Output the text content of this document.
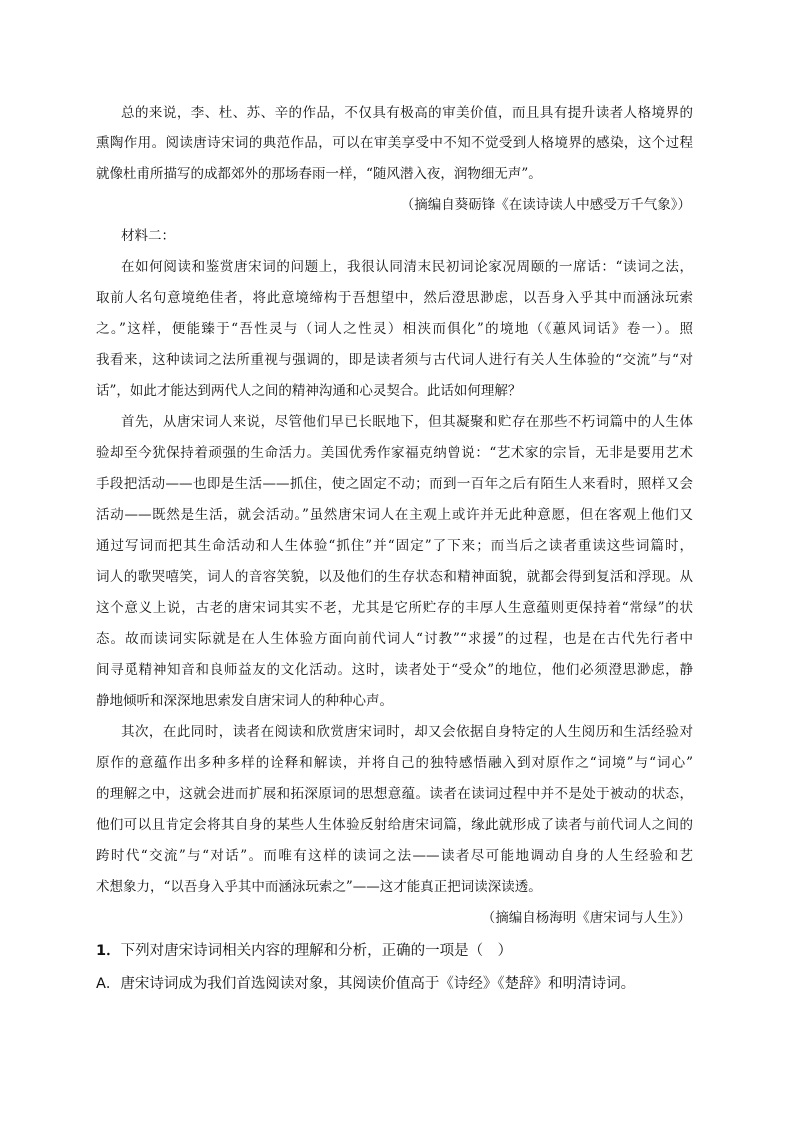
总的来说，李、杜、苏、辛的作品，不仅具有极高的审美价值，而且具有提升读者人格境界的
熏陶作用。阅读唐诗宋词的典范作品，可以在审美享受中不知不觉受到人格境界的感染，这个过程
就像杜甫所描写的成都郊外的那场春雨一样，“随风潜入夜，润物细无声”。
（摘编自葵砺锋《在读诗读人中感受万千气象》）
材料二：
在如何阅读和鉴赏唐宋词的问题上，我很认同清末民初词论家况周颐的一席话：“读词之法，
取前人名句意境绝佳者，将此意境缔构于吾想望中，然后澄思渺虑，以吾身入乎其中而涵泳玩索
之。”这样，便能臻于“吾性灵与（词人之性灵）相浃而俱化”的境地（《蕙风词话》卷一）。照
我看来，这种读词之法所重视与强调的，即是读者须与古代词人进行有关人生体验的“交流”与“对
话”，如此才能达到两代人之间的精神沟通和心灵契合。此话如何理解？
首先，从唐宋词人来说，尽管他们早已长眠地下，但其凝聚和贮存在那些不朽词篇中的人生体
验却至今犹保持着顽强的生命活力。美国优秀作家福克纳曾说：“艺术家的宗旨，无非是要用艺术
手段把活动——也即是生活——抓住，使之固定不动；而到一百年之后有陌生人来看时，照样又会
活动——既然是生活，就会活动。”虽然唐宋词人在主观上或许并无此种意愿，但在客观上他们又
通过写词而把其生命活动和人生体验“抓住”并“固定”了下来；而当后之读者重读这些词篇时，
词人的歌哭嘻笑，词人的音容笑貌，以及他们的生存状态和精神面貌，就都会得到复活和浮现。从
这个意义上说，古老的唐宋词其实不老，尤其是它所贮存的丰厚人生意蕴则更保持着“常绿”的状
态。故而读词实际就是在人生体验方面向前代词人“讨教”“求援”的过程，也是在古代先行者中
间寻觅精神知音和良师益友的文化活动。这时，读者处于“受众”的地位，他们必须澄思渺虑，静
静地倾听和深深地思索发自唐宋词人的种种心声。
其次，在此同时，读者在阅读和欣赏唐宋词时，却又会依据自身特定的人生阅历和生活经验对
原作的意蕴作出多种多样的诠释和解读，并将自己的独特感悟融入到对原作之“词境”与“词心”
的理解之中，这就会进而扩展和拓深原词的思想意蕴。读者在读词过程中并不是处于被动的状态，
他们可以且肯定会将其自身的某些人生体验反射给唐宋词篇，缘此就形成了读者与前代词人之间的
跨时代“交流”与“对话”。而唯有这样的读词之法——读者尽可能地调动自身的人生经验和艺
术想象力，“以吾身入乎其中而涵泳玩索之”——这才能真正把词读深读透。
（摘编自杨海明《唐宋词与人生》）
1．下列对唐宋诗词相关内容的理解和分析，正确的一项是（　）
A．唐宋诗词成为我们首选阅读对象，其阅读价值高于《诗经》《楚辞》和明清诗词。
